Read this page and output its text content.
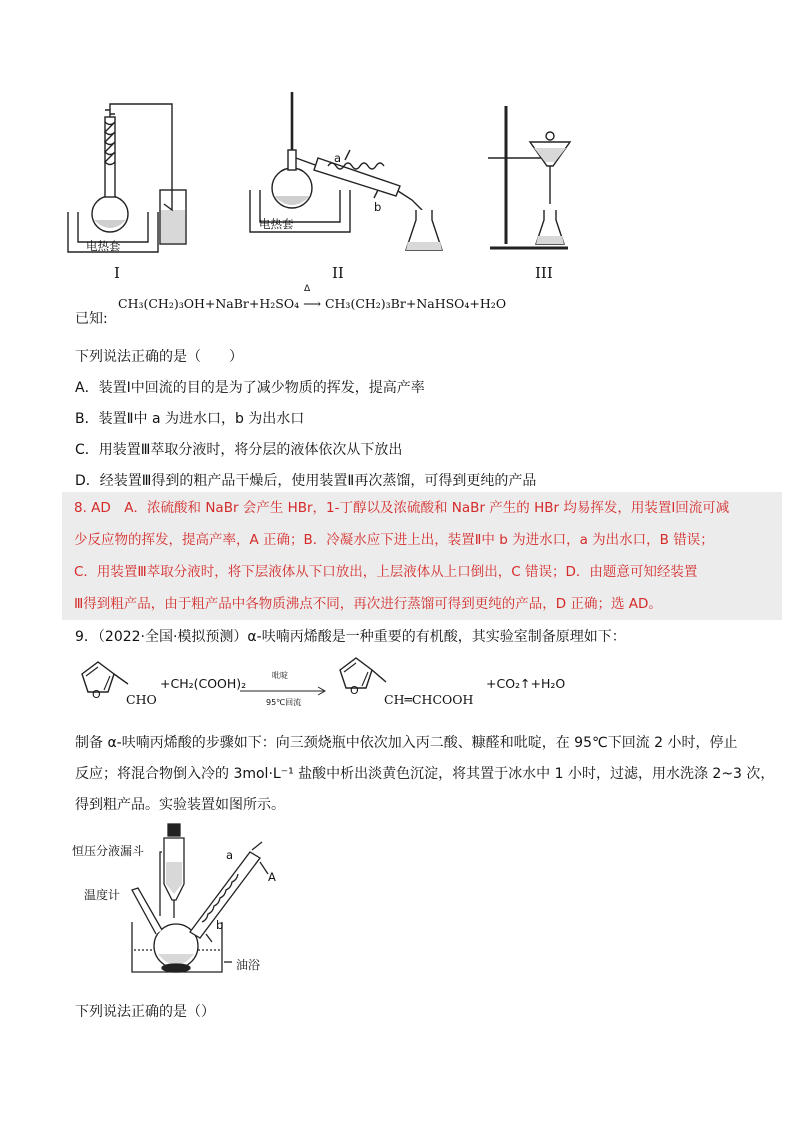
电热套
电热套
a
b
I	II	III
已知:
CH₃(CH₂)₃OH+NaBr+H₂SO₄ ⟶ CH₃(CH₂)₃Br+NaHSO₄+H₂O
Δ
下列说法正确的是（　　）
A．装置Ⅰ中回流的目的是为了减少物质的挥发，提高产率
B．装置Ⅱ中 a 为进水口，b 为出水口
C．用装置Ⅲ萃取分液时，将分层的液体依次从下放出
D．经装置Ⅲ得到的粗产品干燥后，使用装置Ⅱ再次蒸馏，可得到更纯的产品
8. AD　A．浓硫酸和 NaBr 会产生 HBr，1-丁醇以及浓硫酸和 NaBr 产生的 HBr 均易挥发，用装置Ⅰ回流可减
少反应物的挥发，提高产率，A 正确；B．冷凝水应下进上出，装置Ⅱ中 b 为进水口，a 为出水口，B 错误；
C．用装置Ⅲ萃取分液时，将下层液体从下口放出，上层液体从上口倒出，C 错误；D．由题意可知经装置
Ⅲ得到粗产品，由于粗产品中各物质沸点不同，再次进行蒸馏可得到更纯的产品，D 正确；选 AD。
9．（2022·全国·模拟预测）α-呋喃丙烯酸是一种重要的有机酸，其实验室制备原理如下：
O CHO
+CH₂(COOH)₂
吡啶
95℃回流
O
CH═CHCOOH
+CO₂↑+H₂O
制备 α-呋喃丙烯酸的步骤如下：向三颈烧瓶中依次加入丙二酸、糠醛和吡啶，在 95℃下回流 2 小时，停止
反应；将混合物倒入冷的 3mol·L⁻¹ 盐酸中析出淡黄色沉淀，将其置于冰水中 1 小时，过滤，用水洗涤 2~3 次，
得到粗产品。实验装置如图所示。
恒压分液漏斗
温度计
A
a
b
油浴
下列说法正确的是（）
